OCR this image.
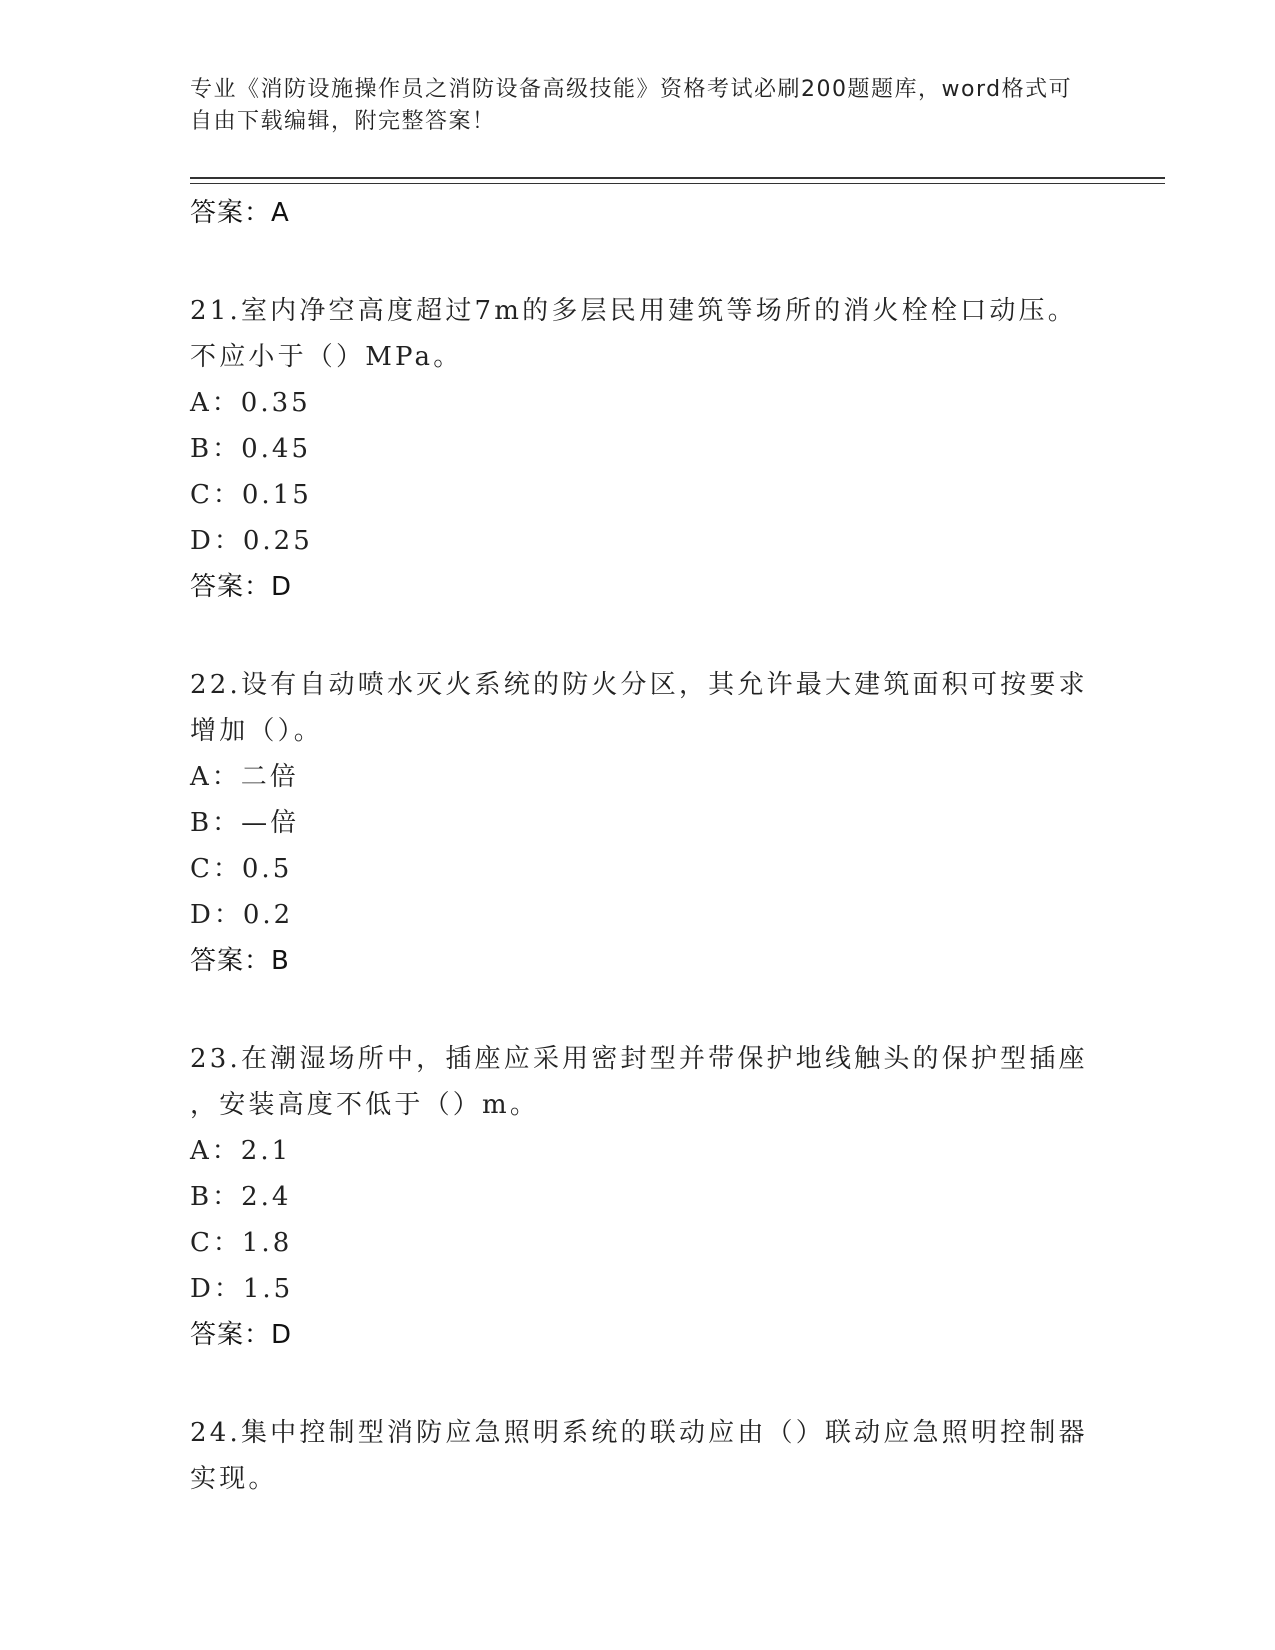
专业《消防设施操作员之消防设备高级技能》资格考试必刷200题题库，word格式可自由下载编辑，附完整答案！
答案：A
21.室内净空高度超过7m的多层民用建筑等场所的消火栓栓口动压。
不应小于（）MPa。
A：0.35
B：0.45
C：0.15
D：0.25
答案：D
22.设有自动喷水灭火系统的防火分区，其允许最大建筑面积可按要求
增加（）。
A：二倍
B：—倍
C：0.5
D：0.2
答案：B
23.在潮湿场所中，插座应采用密封型并带保护地线触头的保护型插座
，安装高度不低于（）m。
A：2.1
B：2.4
C：1.8
D：1.5
答案：D
24.集中控制型消防应急照明系统的联动应由（）联动应急照明控制器
实现。
